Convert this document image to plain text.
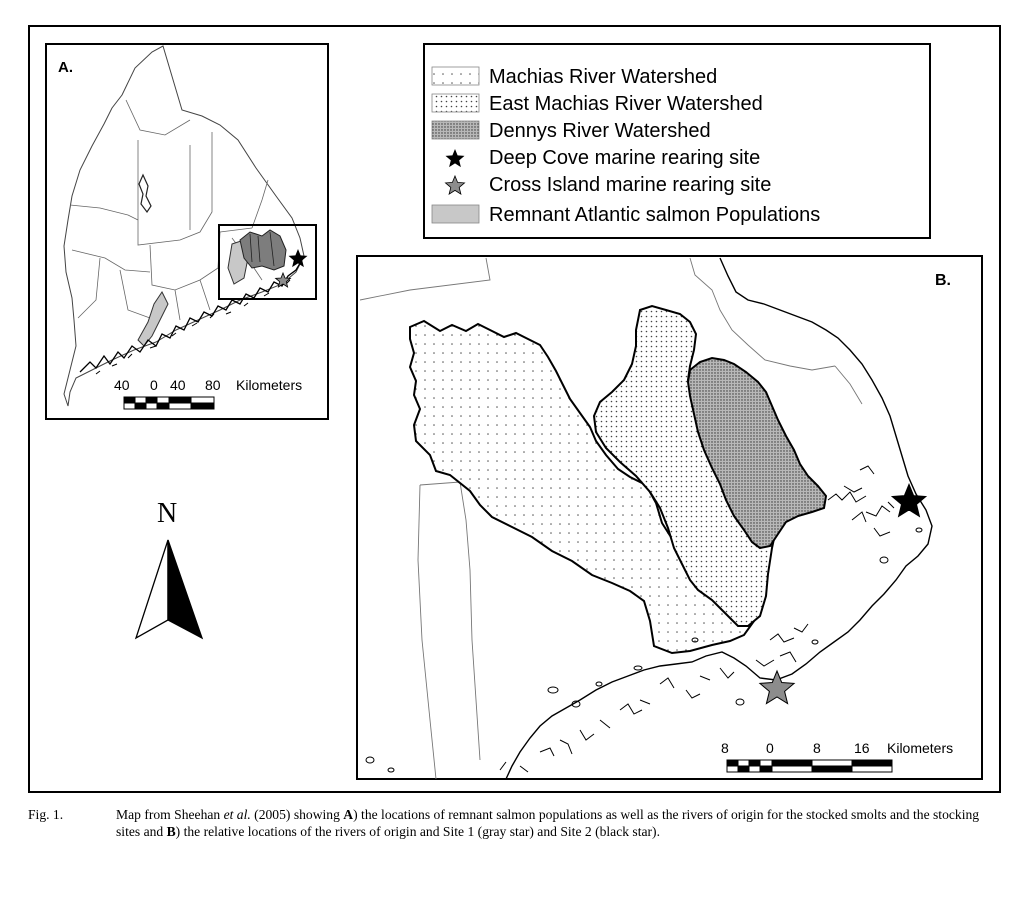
A.
40 0 40 80 Kilometers
Machias River Watershed
East Machias River Watershed
Dennys River Watershed
Deep Cove marine rearing site
Cross Island marine rearing site
Remnant Atlantic salmon Populations
N
B.
8	0	8 16 Kilometers
Fig. 1.	Map from Sheehan et al. (2005) showing A) the locations of remnant salmon populations as well as the rivers of origin for the stocked smolts and the stocking sites and B) the relative locations of the rivers of origin and Site 1 (gray star) and Site 2 (black star).
